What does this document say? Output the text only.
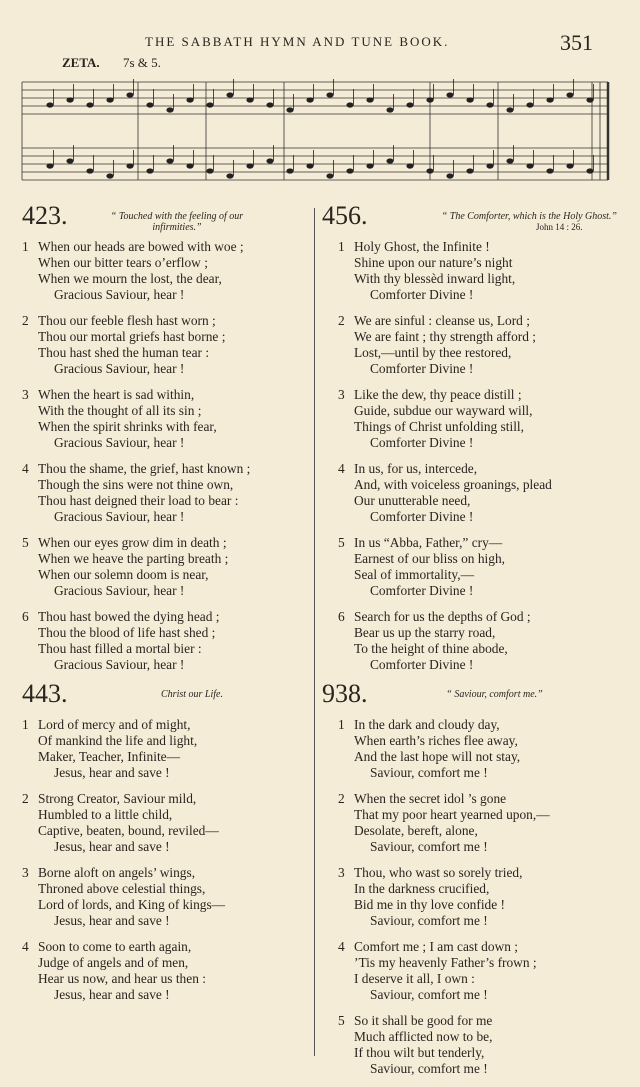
THE SABBATH HYMN AND TUNE BOOK.	351
ZETA. 7s & 5.
423.	“ Touched with the feeling of our
infirmities.”
1 When our heads are bowed with woe ;
When our bitter tears o’erflow ;
When we mourn the lost, the dear,
Gracious Saviour, hear !
2 Thou our feeble flesh hast worn ;
Thou our mortal griefs hast borne ;
Thou hast shed the human tear :
Gracious Saviour, hear !
3 When the heart is sad within,
With the thought of all its sin ;
When the spirit shrinks with fear,
Gracious Saviour, hear !
4 Thou the shame, the grief, hast known ;
Though the sins were not thine own,
Thou hast deigned their load to bear :
Gracious Saviour, hear !
5 When our eyes grow dim in death ;
When we heave the parting breath ;
When our solemn doom is near,
Gracious Saviour, hear !
6 Thou hast bowed the dying head ;
Thou the blood of life hast shed ;
Thou hast filled a mortal bier :
Gracious Saviour, hear !
443.	Christ our Life.
1 Lord of mercy and of might,
Of mankind the life and light,
Maker, Teacher, Infinite—
Jesus, hear and save !
2 Strong Creator, Saviour mild,
Humbled to a little child,
Captive, beaten, bound, reviled—
Jesus, hear and save !
3 Borne aloft on angels’ wings,
Throned above celestial things,
Lord of lords, and King of kings—
Jesus, hear and save !
4 Soon to come to earth again,
Judge of angels and of men,
Hear us now, and hear us then :
Jesus, hear and save !
456.	“ The Comforter, which is the Holy Ghost.”
John 14 : 26.
1 Holy Ghost, the Infinite !
Shine upon our nature’s night
With thy blessèd inward light,
Comforter Divine !
2 We are sinful : cleanse us, Lord ;
We are faint ; thy strength afford ;
Lost,—until by thee restored,
Comforter Divine !
3 Like the dew, thy peace distill ;
Guide, subdue our wayward will,
Things of Christ unfolding still,
Comforter Divine !
4 In us, for us, intercede,
And, with voiceless groanings, plead
Our unutterable need,
Comforter Divine !
5 In us “Abba, Father,” cry—
Earnest of our bliss on high,
Seal of immortality,—
Comforter Divine !
6 Search for us the depths of God ;
Bear us up the starry road,
To the height of thine abode,
Comforter Divine !
938.	“ Saviour, comfort me.”
1 In the dark and cloudy day,
When earth’s riches flee away,
And the last hope will not stay,
Saviour, comfort me !
2 When the secret idol ’s gone
That my poor heart yearned upon,—
Desolate, bereft, alone,
Saviour, comfort me !
3 Thou, who wast so sorely tried,
In the darkness crucified,
Bid me in thy love confide !
Saviour, comfort me !
4 Comfort me ; I am cast down ;
’Tis my heavenly Father’s frown ;
I deserve it all, I own :
Saviour, comfort me !
5 So it shall be good for me
Much afflicted now to be,
If thou wilt but tenderly,
Saviour, comfort me !
